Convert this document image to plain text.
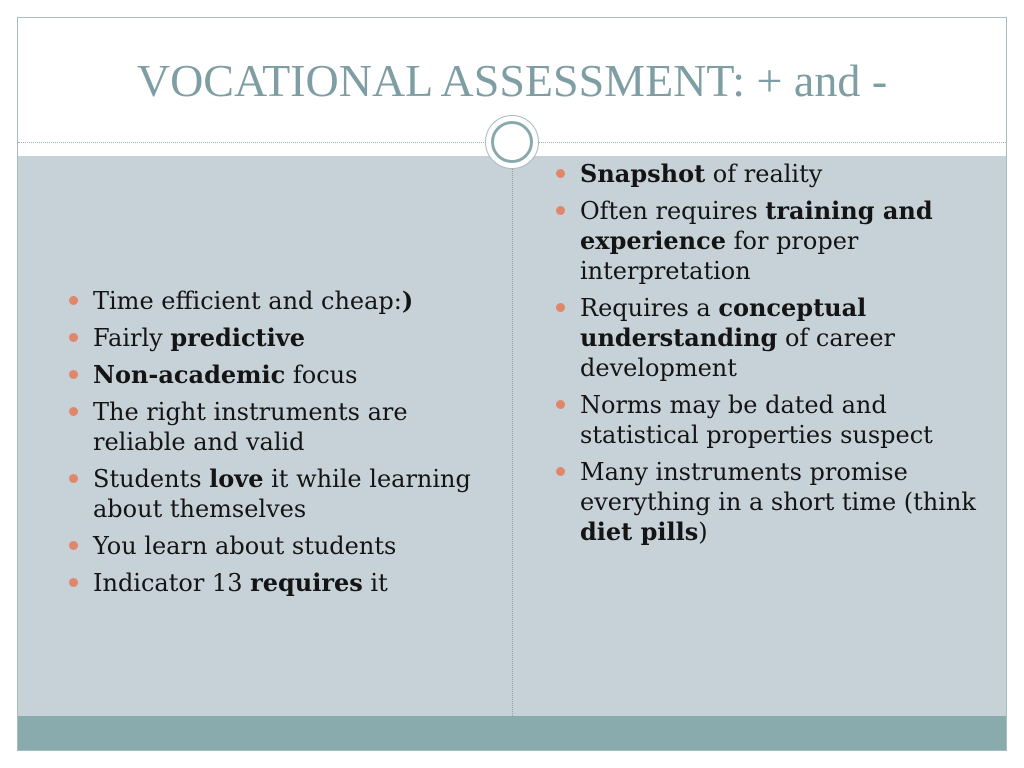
VOCATIONAL ASSESSMENT: + and -
Time efficient and cheap:)
Fairly predictive
Non-academic focus
The right instruments are reliable and valid
Students love it while learning about themselves
You learn about students
Indicator 13 requires it
Snapshot of reality
Often requires training and experience for proper interpretation
Requires a conceptual understanding of career development
Norms may be dated and statistical properties suspect
Many instruments promise everything in a short time (think diet pills)
